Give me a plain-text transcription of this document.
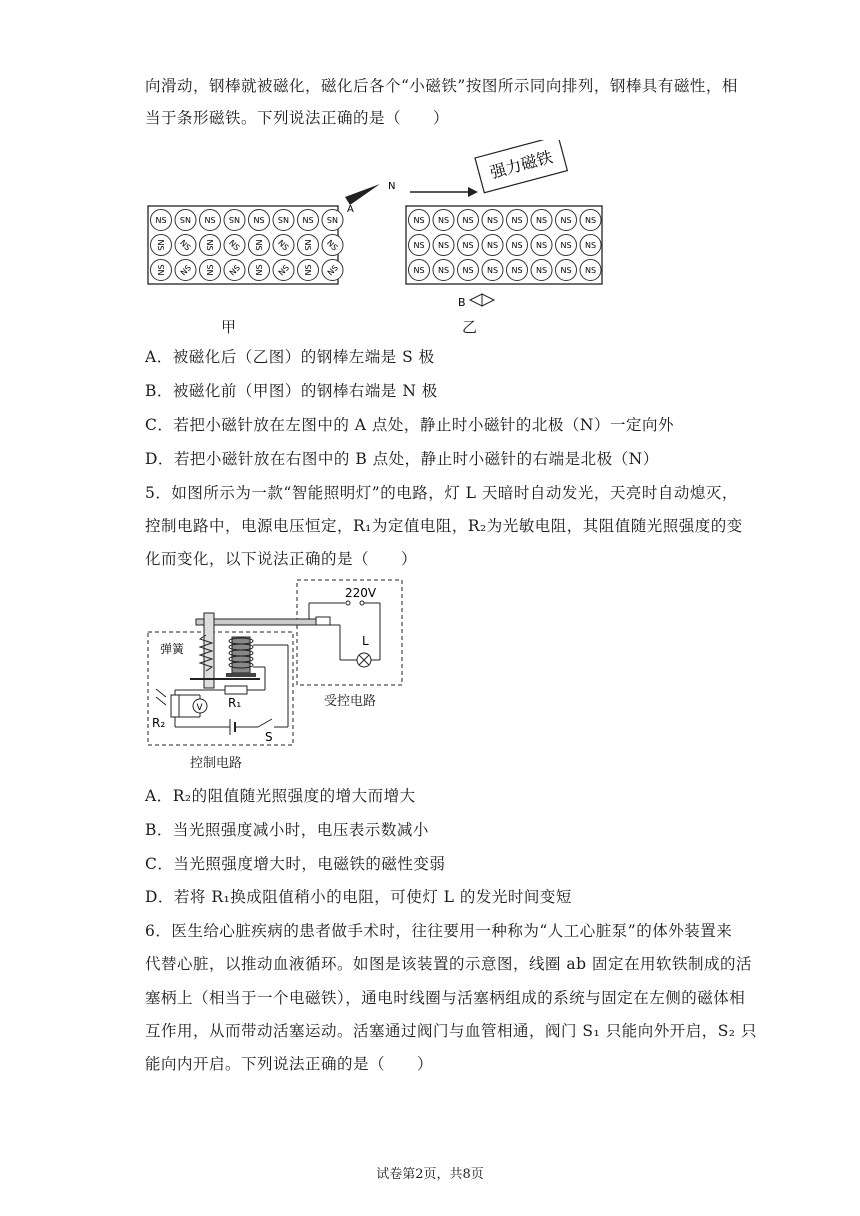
向滑动，钢棒就被磁化，磁化后各个“小磁铁”按图所示同向排列，钢棒具有磁性，相
当于条形磁铁。下列说法正确的是（　　）
强力磁铁
N
A
NS NS NS NS NS NS NS NS
NS NS NS NS NS NS NS NS
NS NS NS NS NS NS NS NS
NS NS NS NS NS NS NS NS
NS NS NS NS NS NS NS NS
NS NS NS NS NS NS NS NS
B
甲	乙
A．被磁化后（乙图）的钢棒左端是 S 极
B．被磁化前（甲图）的钢棒右端是 N 极
C．若把小磁针放在左图中的 A 点处，静止时小磁针的北极（N）一定向外
D．若把小磁针放在右图中的 B 点处，静止时小磁针的右端是北极（N）
5．如图所示为一款“智能照明灯”的电路，灯 L 天暗时自动发光，天亮时自动熄灭，
控制电路中，电源电压恒定，R₁为定值电阻，R₂为光敏电阻，其阻值随光照强度的变
化而变化，以下说法正确的是（　　）
220V
L
弹簧
R₁
R₂
V
S
受控电路
控制电路
A．R₂的阻值随光照强度的增大而增大
B．当光照强度减小时，电压表示数减小
C．当光照强度增大时，电磁铁的磁性变弱
D．若将 R₁换成阻值稍小的电阻，可使灯 L 的发光时间变短
6．医生给心脏疾病的患者做手术时，往往要用一种称为“人工心脏泵”的体外装置来
代替心脏，以推动血液循环。如图是该装置的示意图，线圈 ab 固定在用软铁制成的活
塞柄上（相当于一个电磁铁），通电时线圈与活塞柄组成的系统与固定在左侧的磁体相
互作用，从而带动活塞运动。活塞通过阀门与血管相通，阀门 S₁ 只能向外开启，S₂ 只
能向内开启。下列说法正确的是（　　）
试卷第2页，共8页
